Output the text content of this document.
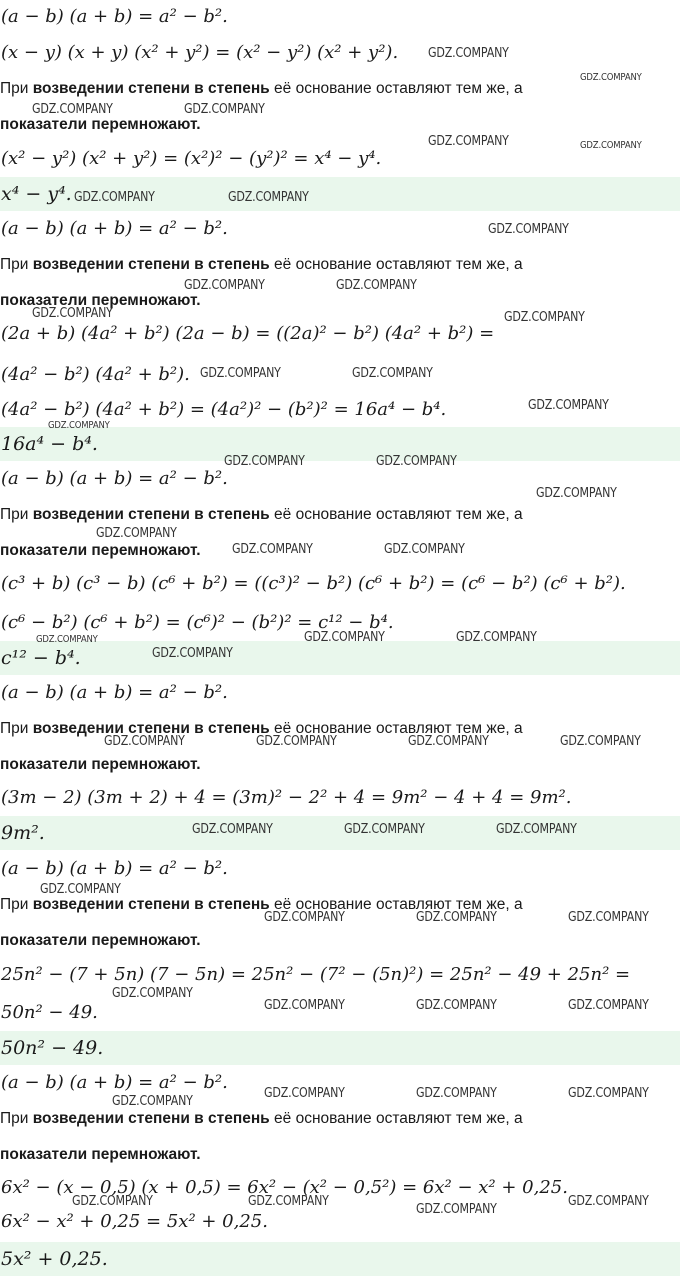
(a − b) (a + b) = a² − b².
(x − y) (x + y) (x² + y²) = (x² − y²) (x² + y²).
При возведении степени в степень её основание оставляют тем же, а
показатели перемножают.
(x² − y²) (x² + y²) = (x²)² − (y²)² = x⁴ − y⁴.
x⁴ − y⁴.
(a − b) (a + b) = a² − b².
При возведении степени в степень её основание оставляют тем же, а
показатели перемножают.
(2a + b) (4a² + b²) (2a − b) = ((2a)² − b²) (4a² + b²) =
(4a² − b²) (4a² + b²).
(4a² − b²) (4a² + b²) = (4a²)² − (b²)² = 16a⁴ − b⁴.
16a⁴ − b⁴.
(a − b) (a + b) = a² − b².
При возведении степени в степень её основание оставляют тем же, а
показатели перемножают.
(c³ + b) (c³ − b) (c⁶ + b²) = ((c³)² − b²) (c⁶ + b²) = (c⁶ − b²) (c⁶ + b²).
(c⁶ − b²) (c⁶ + b²) = (c⁶)² − (b²)² = c¹² − b⁴.
c¹² − b⁴.
(a − b) (a + b) = a² − b².
При возведении степени в степень её основание оставляют тем же, а
показатели перемножают.
(3m − 2) (3m + 2) + 4 = (3m)² − 2² + 4 = 9m² − 4 + 4 = 9m².
9m².
(a − b) (a + b) = a² − b².
При возведении степени в степень её основание оставляют тем же, а
показатели перемножают.
25n² − (7 + 5n) (7 − 5n) = 25n² − (7² − (5n)²) = 25n² − 49 + 25n² =
50n² − 49.
50n² − 49.
(a − b) (a + b) = a² − b².
При возведении степени в степень её основание оставляют тем же, а
показатели перемножают.
6x² − (x − 0,5) (x + 0,5) = 6x² − (x² − 0,5²) = 6x² − x² + 0,25.
6x² − x² + 0,25 = 5x² + 0,25.
5x² + 0,25.
GDZ.COMPANY
GDZ.COMPANY
GDZ.COMPANY	GDZ.COMPANY
GDZ.COMPANY	GDZ.COMPANY
GDZ.COMPANY	GDZ.COMPANY
GDZ.COMPANY
GDZ.COMPANY	GDZ.COMPANY
GDZ.COMPANY	GDZ.COMPANY
GDZ.COMPANY	GDZ.COMPANY
GDZ.COMPANY
GDZ.COMPANY
GDZ.COMPANY	GDZ.COMPANY
GDZ.COMPANY
GDZ.COMPANY
GDZ.COMPANY	GDZ.COMPANY
GDZ.COMPANY	GDZ.COMPANY
GDZ.COMPANY
GDZ.COMPANY
GDZ.COMPANY	GDZ.COMPANY	GDZ.COMPANY	GDZ.COMPANY
GDZ.COMPANY	GDZ.COMPANY	GDZ.COMPANY
GDZ.COMPANY
GDZ.COMPANY	GDZ.COMPANY	GDZ.COMPANY
GDZ.COMPANY
GDZ.COMPANY	GDZ.COMPANY	GDZ.COMPANY
GDZ.COMPANY	GDZ.COMPANY	GDZ.COMPANY
GDZ.COMPANY
GDZ.COMPANY	GDZ.COMPANY	GDZ.COMPANY
GDZ.COMPANY
